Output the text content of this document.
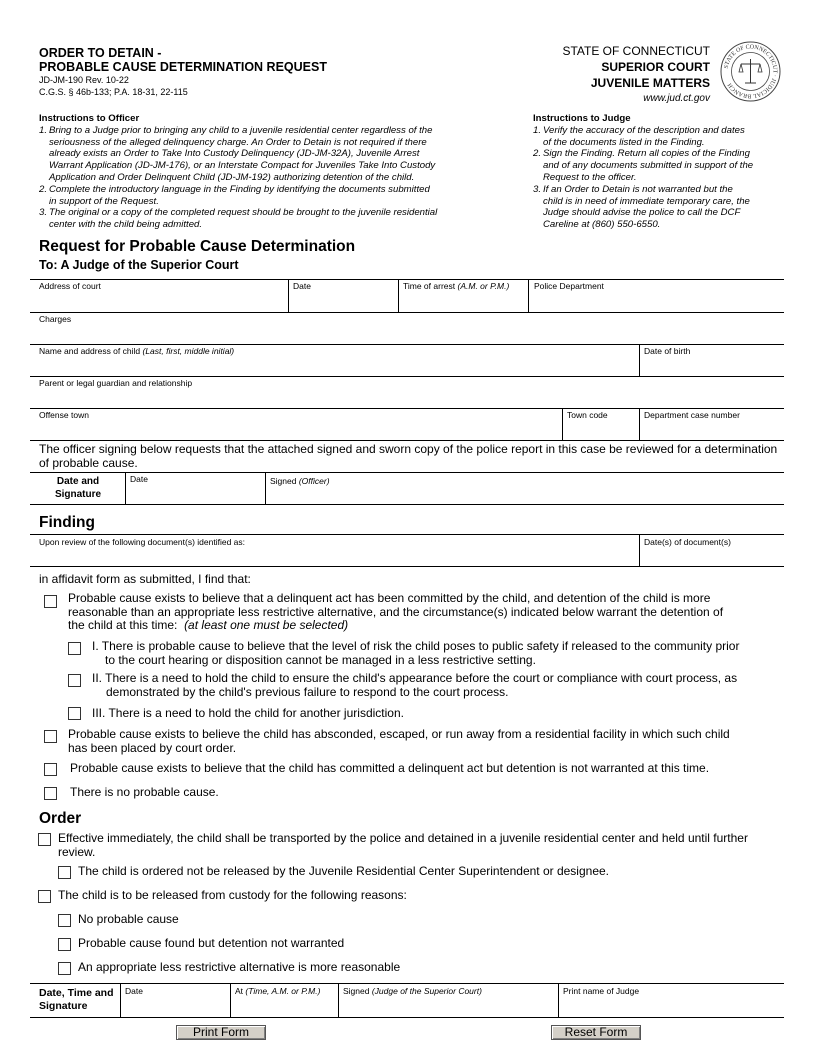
ORDER TO DETAIN -
PROBABLE CAUSE DETERMINATION REQUEST
JD-JM-190 Rev. 10-22
C.G.S. § 46b-133; P.A. 18-31, 22-115
STATE OF CONNECTICUT
SUPERIOR COURT
JUVENILE MATTERS
www.jud.ct.gov
STATE OF CONNECTICUT · JUDICIAL BRANCH
Instructions to Officer
1. Bring to a Judge prior to bringing any child to a juvenile residential center regardless of the
seriousness of the alleged delinquency charge. An Order to Detain is not required if there
already exists an Order to Take Into Custody Delinquency (JD-JM-32A), Juvenile Arrest
Warrant Application (JD-JM-176), or an Interstate Compact for Juveniles Take Into Custody
Application and Order Delinquent Child (JD-JM-192) authorizing detention of the child.
2. Complete the introductory language in the Finding by identifying the documents submitted
in support of the Request.
3. The original or a copy of the completed request should be brought to the juvenile residential
center with the child being admitted.
Instructions to Judge
1. Verify the accuracy of the description and dates
of the documents listed in the Finding.
2. Sign the Finding. Return all copies of the Finding
and of any documents submitted in support of the
Request to the officer.
3. If an Order to Detain is not warranted but the
child is in need of immediate temporary care, the
Judge should advise the police to call the DCF
Careline at (860) 550-6550.
Request for Probable Cause Determination
To: A Judge of the Superior Court
Address of court	Date	Time of arrest (A.M. or P.M.)	Police Department
Charges
Name and address of child (Last, first, middle initial)	Date of birth
Parent or legal guardian and relationship
Offense town	Town code	Department case number
The officer signing below requests that the attached signed and sworn copy of the police report in this case be reviewed for a determination
of probable cause.
Date and
Signature
Date	Signed (Officer)
Finding
Upon review of the following document(s) identified as:	Date(s) of document(s)
in affidavit form as submitted, I find that:
Probable cause exists to believe that a delinquent act has been committed by the child, and detention of the child is more
reasonable than an appropriate less restrictive alternative, and the circumstance(s) indicated below warrant the detention of
the child at this time: (at least one must be selected)
I. There is probable cause to believe that the level of risk the child poses to public safety if released to the community prior
to the court hearing or disposition cannot be managed in a less restrictive setting.
II. There is a need to hold the child to ensure the child's appearance before the court or compliance with court process, as
demonstrated by the child's previous failure to respond to the court process.
III. There is a need to hold the child for another jurisdiction.
Probable cause exists to believe the child has absconded, escaped, or run away from a residential facility in which such child
has been placed by court order.
Probable cause exists to believe that the child has committed a delinquent act but detention is not warranted at this time.
There is no probable cause.
Order
Effective immediately, the child shall be transported by the police and detained in a juvenile residential center and held until further
review.
The child is ordered not be released by the Juvenile Residential Center Superintendent or designee.
The child is to be released from custody for the following reasons:
No probable cause
Probable cause found but detention not warranted
An appropriate less restrictive alternative is more reasonable
Date, Time and
Signature
Date	At (Time, A.M. or P.M.)	Signed (Judge of the Superior Court)	Print name of Judge
Print Form	Reset Form
